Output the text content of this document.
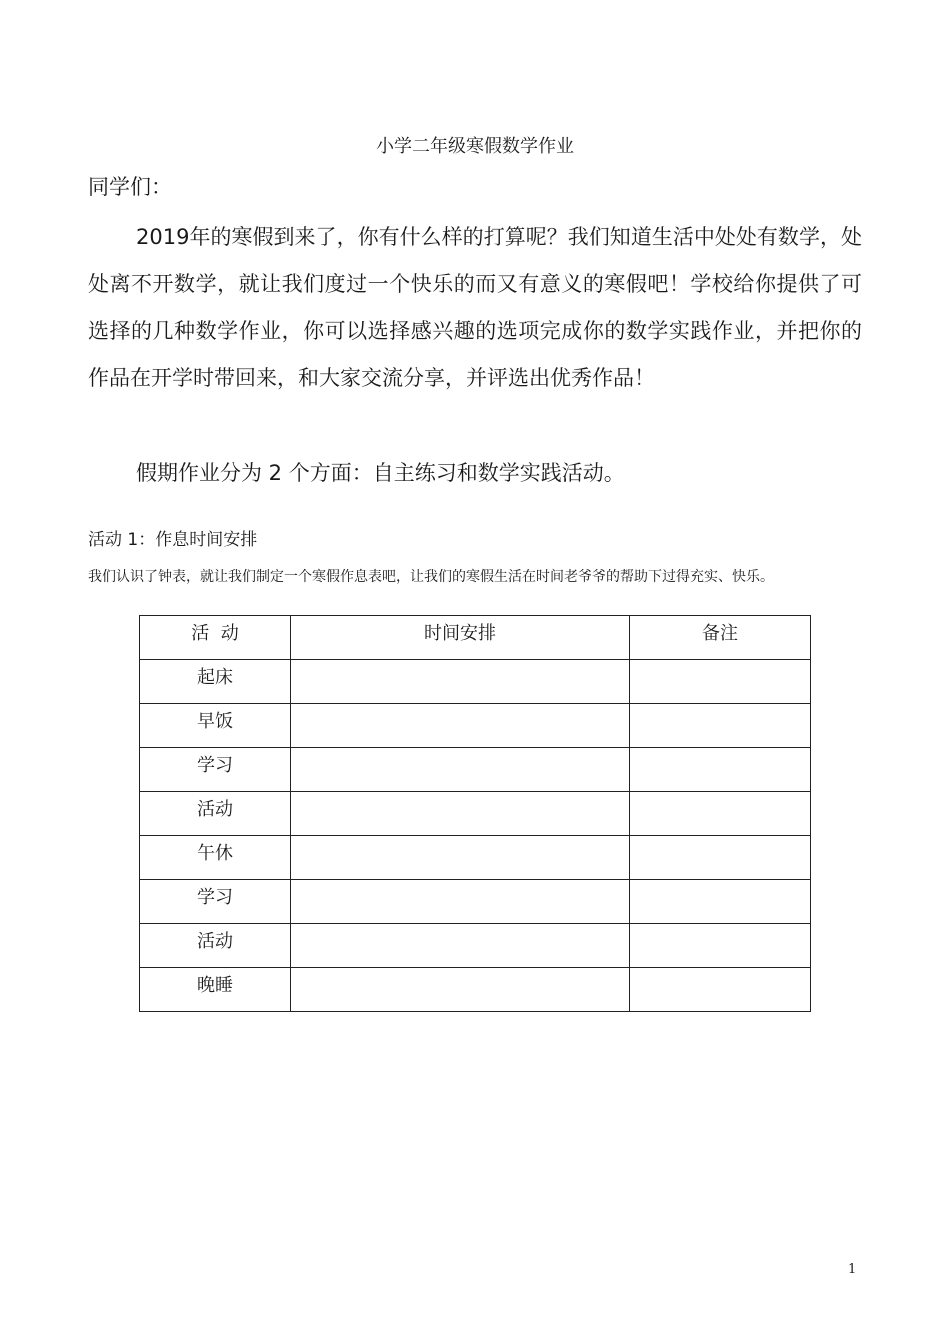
小学二年级寒假数学作业
同学们：
2019年的寒假到来了，你有什么样的打算呢？我们知道生活中处处有数学，处处离不开数学，就让我们度过一个快乐的而又有意义的寒假吧！学校给你提供了可选择的几种数学作业，你可以选择感兴趣的选项完成你的数学实践作业，并把你的作品在开学时带回来，和大家交流分享，并评选出优秀作品！
假期作业分为 2 个方面：自主练习和数学实践活动。
活动 1：作息时间安排
我们认识了钟表，就让我们制定一个寒假作息表吧，让我们的寒假生活在时间老爷爷的帮助下过得充实、快乐。
活  动	时间安排	备注
起床		
早饭		
学习		
活动		
午休		
学习		
活动		
晚睡		
1
